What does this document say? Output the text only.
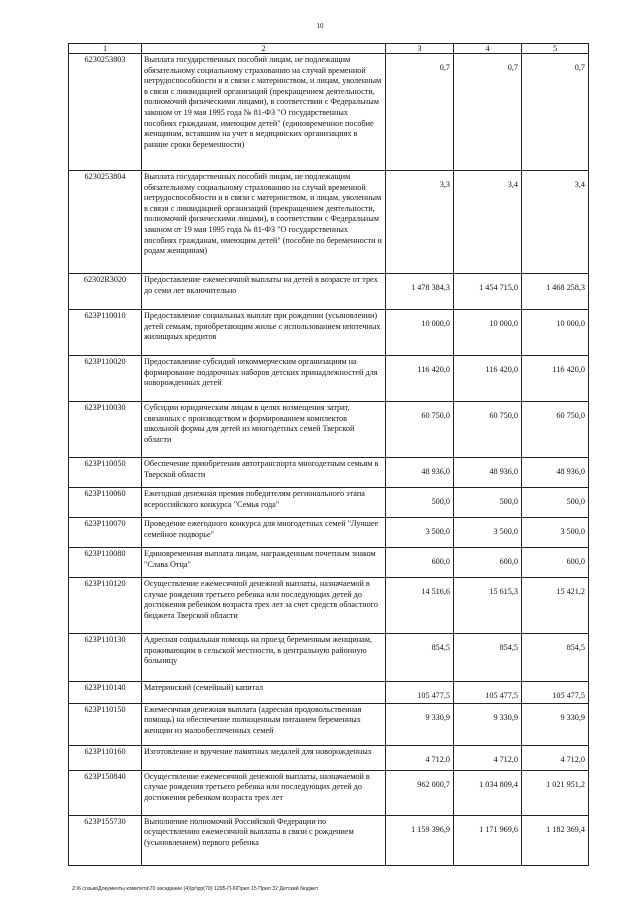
10
1	2	3	4	5
6230253803	Выплата государственных пособий лицам, не подлежащим обязательному социальному страхованию на случай временной нетрудоспособности и в связи с материнством, и лицам, уволенным в связи с ликвидацией организаций (прекращением деятельности, полномочий физическими лицами), в соответствии с Федеральным законом от 19 мая 1995 года № 81-ФЗ "О государственных пособиях гражданам, имеющим детей" (единовременное пособие женщинам, вставшим на учет в медицинских организациях в ранние сроки беременности)	0,7	0,7	0,7
6230253804	Выплата государственных пособий лицам, не подлежащим обязательному социальному страхованию на случай временной нетрудоспособности и в связи с материнством, и лицам, уволенным в связи с ликвидацией организаций (прекращением деятельности, полномочий физическими лицами), в соответствии с Федеральным законом от 19 мая 1995 года № 81-ФЗ "О государственных пособиях гражданам, имеющим детей" (пособие по беременности и родам женщинам)	3,3	3,4	3,4
62302R3020	Предоставление ежемесячной выплаты на детей в возрасте от трех до семи лет включительно	1 478 384,3	1 454 715,0	1 468 258,3
623P110010	Предоставление социальных выплат при рождении (усыновлении) детей семьям, приобретающим жилье с использованием ипотечных жилищных кредитов	10 000,0	10 000,0	10 000,0
623P110020	Предоставление субсидий некоммерческим организациям на формирование подарочных наборов детских принадлежностей для новорожденных детей	116 420,0	116 420,0	116 420,0
623P110030	Субсидии юридическим лицам в целях возмещения затрат, связанных с производством и формированием комплектов школьной формы для детей из многодетных семей Тверской области	60 750,0	60 750,0	60 750,0
623P110050	Обеспечение приобретения автотранспорта многодетным семьям в Тверской области	48 936,0	48 936,0	48 936,0
623P110060	Ежегодная денежная премия победителям регионального этапа всероссийского конкурса "Семья года"	500,0	500,0	500,0
623P110070	Проведение ежегодного конкурса для многодетных семей "Лучшее семейное подворье"	3 500,0	3 500,0	3 500,0
623P110080	Единовременная выплата лицам, награжденным почетным знаком "Слава Отца"	600,0	600,0	600,0
623P110120	Осуществление ежемесячной денежной выплаты, назначаемой в случае рождения третьего ребенка или последующих детей до достижения ребенком возраста трех лет за счет средств областного бюджета Тверской области	14 516,6	15 615,3	15 421,2
623P110130	Адресная социальная помощь на проезд беременным женщинам, проживающим в сельской местности, в центральную районную больницу	854,5	854,5	854,5
623P110140	Материнский (семейный) капитал	105 477,5	105 477,5	105 477,5
623P110150	Ежемесячная денежная выплата (адресная продовольственная помощь) на обеспечение полноценным питанием беременных женщин из малообеспеченных семей	9 330,9	9 330,9	9 330,9
623P110160	Изготовление и вручение памятных медалей для новорожденных	4 712,0	4 712,0	4 712,0
623P150840	Осуществление ежемесячной денежной выплаты, назначаемой в случае рождения третьего ребенка или последующих детей до достижения ребенком возраста трех лет	962 000,7	1 034 809,4	1 021 951,2
623P155730	Выполнение полномочий Российской Федерации по осуществлению ежемесячной выплаты в связи с рождением (усыновлением) первого ребенка	1 159 396,9	1 171 969,6	1 182 369,4
Z:\6 созыв\Документы комитета\70 заседание (4)\рг\рр(70) 1295-П-6\Прил 15 Прил 32 Детский бюджет
